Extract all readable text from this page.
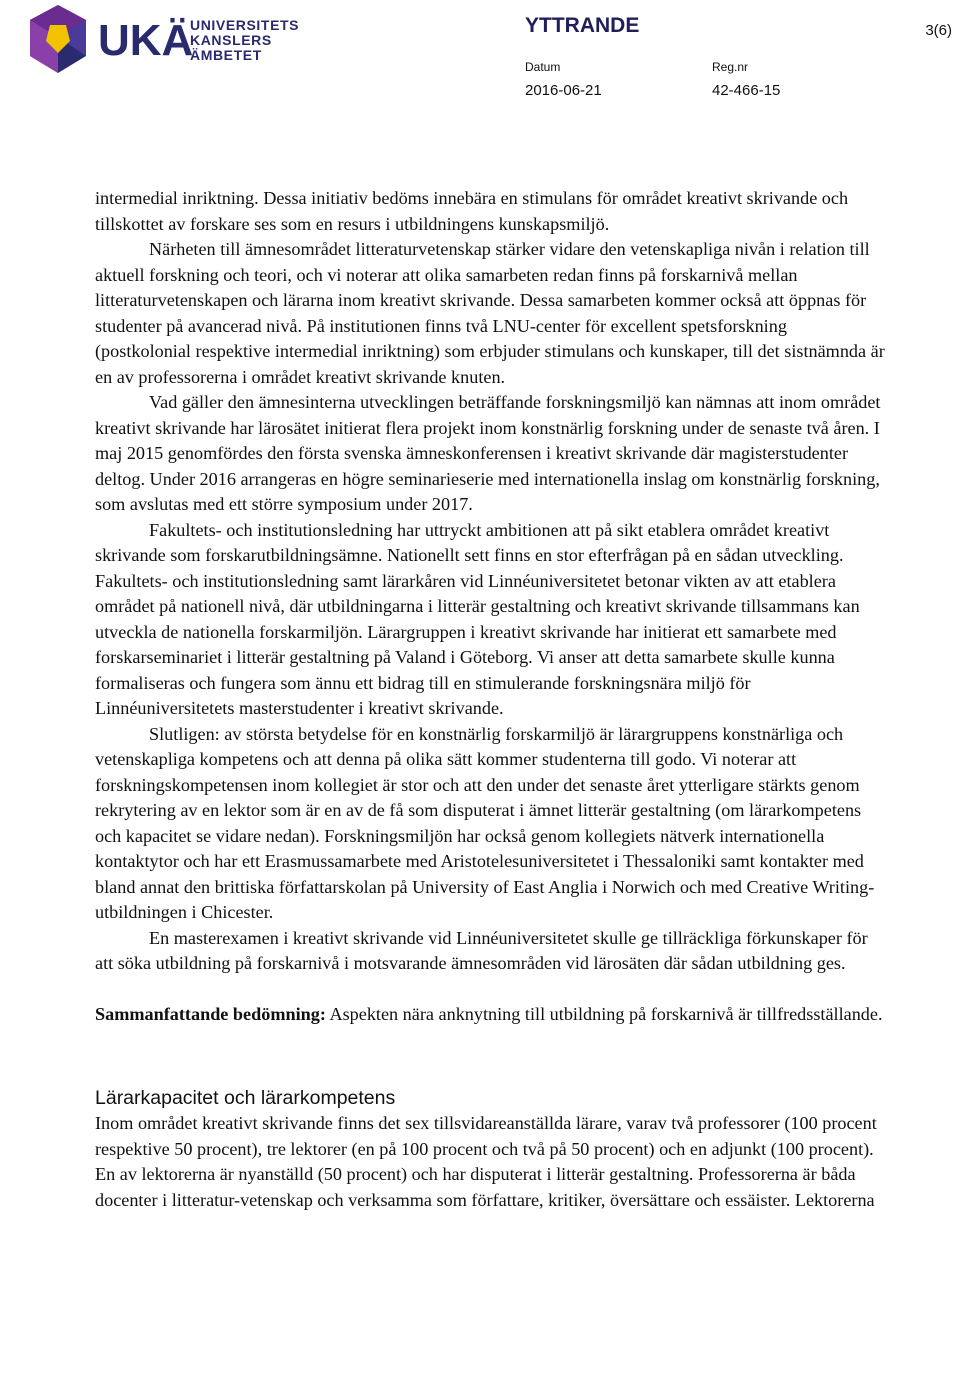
UKÄ
UNIVERSITETS
KANSLERS
ÄMBETET
YTTRANDE	3(6)
Datum	Reg.nr
2016-06-21	42-466-15

intermedial inriktning. Dessa initiativ bedöms innebära en stimulans för området kreativt skrivande och tillskottet av forskare ses som en resurs i utbildningens kunskapsmiljö.

Närheten till ämnesområdet litteraturvetenskap stärker vidare den vetenskapliga nivån i relation till aktuell forskning och teori, och vi noterar att olika samarbeten redan finns på forskarnivå mellan litteraturvetenskapen och lärarna inom kreativt skrivande. Dessa samarbeten kommer också att öppnas för studenter på avancerad nivå. På institutionen finns två LNU-center för excellent spetsforskning (postkolonial respektive intermedial inriktning) som erbjuder stimulans och kunskaper, till det sistnämnda är en av professorerna i området kreativt skrivande knuten.

Vad gäller den ämnesinterna utvecklingen beträffande forskningsmiljö kan nämnas att inom området kreativt skrivande har lärosätet initierat flera projekt inom konstnärlig forskning under de senaste två åren. I maj 2015 genomfördes den första svenska ämneskonferensen i kreativt skrivande där magisterstudenter deltog. Under 2016 arrangeras en högre seminarieserie med internationella inslag om konstnärlig forskning, som avslutas med ett större symposium under 2017.

Fakultets- och institutionsledning har uttryckt ambitionen att på sikt etablera området kreativt skrivande som forskarutbildningsämne. Nationellt sett finns en stor efterfrågan på en sådan utveckling. Fakultets- och institutionsledning samt lärarkåren vid Linnéuniversitetet betonar vikten av att etablera området på nationell nivå, där utbildningarna i litterär gestaltning och kreativt skrivande tillsammans kan utveckla de nationella forskarmiljön. Lärargruppen i kreativt skrivande har initierat ett samarbete med forskarseminariet i litterär gestaltning på Valand i Göteborg. Vi anser att detta samarbete skulle kunna formaliseras och fungera som ännu ett bidrag till en stimulerande forskningsnära miljö för Linnéuniversitetets masterstudenter i kreativt skrivande.

Slutligen: av största betydelse för en konstnärlig forskarmiljö är lärargruppens konstnärliga och vetenskapliga kompetens och att denna på olika sätt kommer studenterna till godo. Vi noterar att forskningskompetensen inom kollegiet är stor och att den under det senaste året ytterligare stärkts genom rekrytering av en lektor som är en av de få som disputerat i ämnet litterär gestaltning (om lärarkompetens och kapacitet se vidare nedan). Forskningsmiljön har också genom kollegiets nätverk internationella kontaktytor och har ett Erasmussamarbete med Aristotelesuniversitetet i Thessaloniki samt kontakter med bland annat den brittiska författarskolan på University of East Anglia i Norwich och med Creative Writing-utbildningen i Chicester.

En masterexamen i kreativt skrivande vid Linnéuniversitetet skulle ge tillräckliga förkunskaper för att söka utbildning på forskarnivå i motsvarande ämnesområden vid lärosäten där sådan utbildning ges.

Sammanfattande bedömning: Aspekten nära anknytning till utbildning på forskarnivå är tillfredsställande.

Lärarkapacitet och lärarkompetens

Inom området kreativt skrivande finns det sex tillsvidareanställda lärare, varav två professorer (100 procent respektive 50 procent), tre lektorer (en på 100 procent och två på 50 procent) och en adjunkt (100 procent). En av lektorerna är nyanställd (50 procent) och har disputerat i litterär gestaltning. Professorerna är båda docenter i litteratur-vetenskap och verksamma som författare, kritiker, översättare och essäister. Lektorerna
